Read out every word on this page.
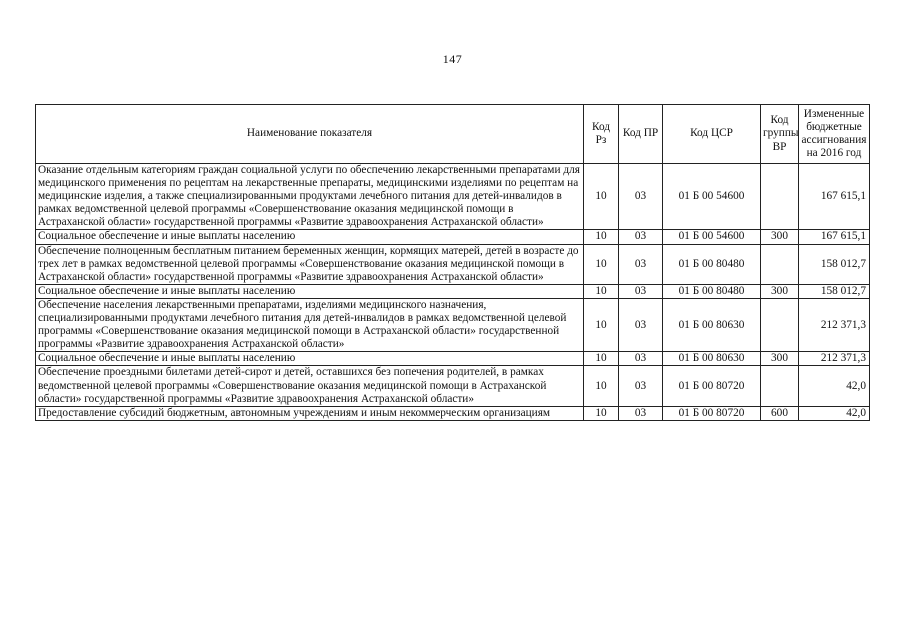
147
Наименование показателя	Код Рз	Код ПР	Код ЦСР	Код группы ВР	Измененные бюджетные ассигнования на 2016 год
Оказание отдельным категориям граждан социальной услуги по обеспечению лекарственными препаратами для медицинского применения по рецептам на лекарственные препараты, медицинскими изделиями по рецептам на медицинские изделия, а также специализированными продуктами лечебного питания для детей-инвалидов в рамках ведомственной целевой программы «Совершенствование оказания медицинской помощи в Астраханской области» государственной программы «Развитие здравоохранения Астраханской области»	10	03	01 Б 00 54600		167 615,1
Социальное обеспечение и иные выплаты населению	10	03	01 Б 00 54600	300	167 615,1
Обеспечение полноценным бесплатным питанием беременных женщин, кормящих матерей, детей в возрасте до трех лет в рамках ведомственной целевой программы «Совершенствование оказания медицинской помощи в Астраханской области» государственной программы «Развитие здравоохранения Астраханской области»	10	03	01 Б 00 80480		158 012,7
Социальное обеспечение и иные выплаты населению	10	03	01 Б 00 80480	300	158 012,7
Обеспечение населения лекарственными препаратами, изделиями медицинского назначения, специализированными продуктами лечебного питания для детей-инвалидов в рамках ведомственной целевой программы «Совершенствование оказания медицинской помощи в Астраханской области» государственной программы «Развитие здравоохранения Астраханской области»	10	03	01 Б 00 80630		212 371,3
Социальное обеспечение и иные выплаты населению	10	03	01 Б 00 80630	300	212 371,3
Обеспечение проездными билетами детей-сирот и детей, оставшихся без попечения родителей, в рамках ведомственной целевой программы «Совершенствование оказания медицинской помощи в Астраханской области» государственной программы «Развитие здравоохранения Астраханской области»	10	03	01 Б 00 80720		42,0
Предоставление субсидий бюджетным, автономным учреждениям и иным некоммерческим организациям	10	03	01 Б 00 80720	600	42,0
